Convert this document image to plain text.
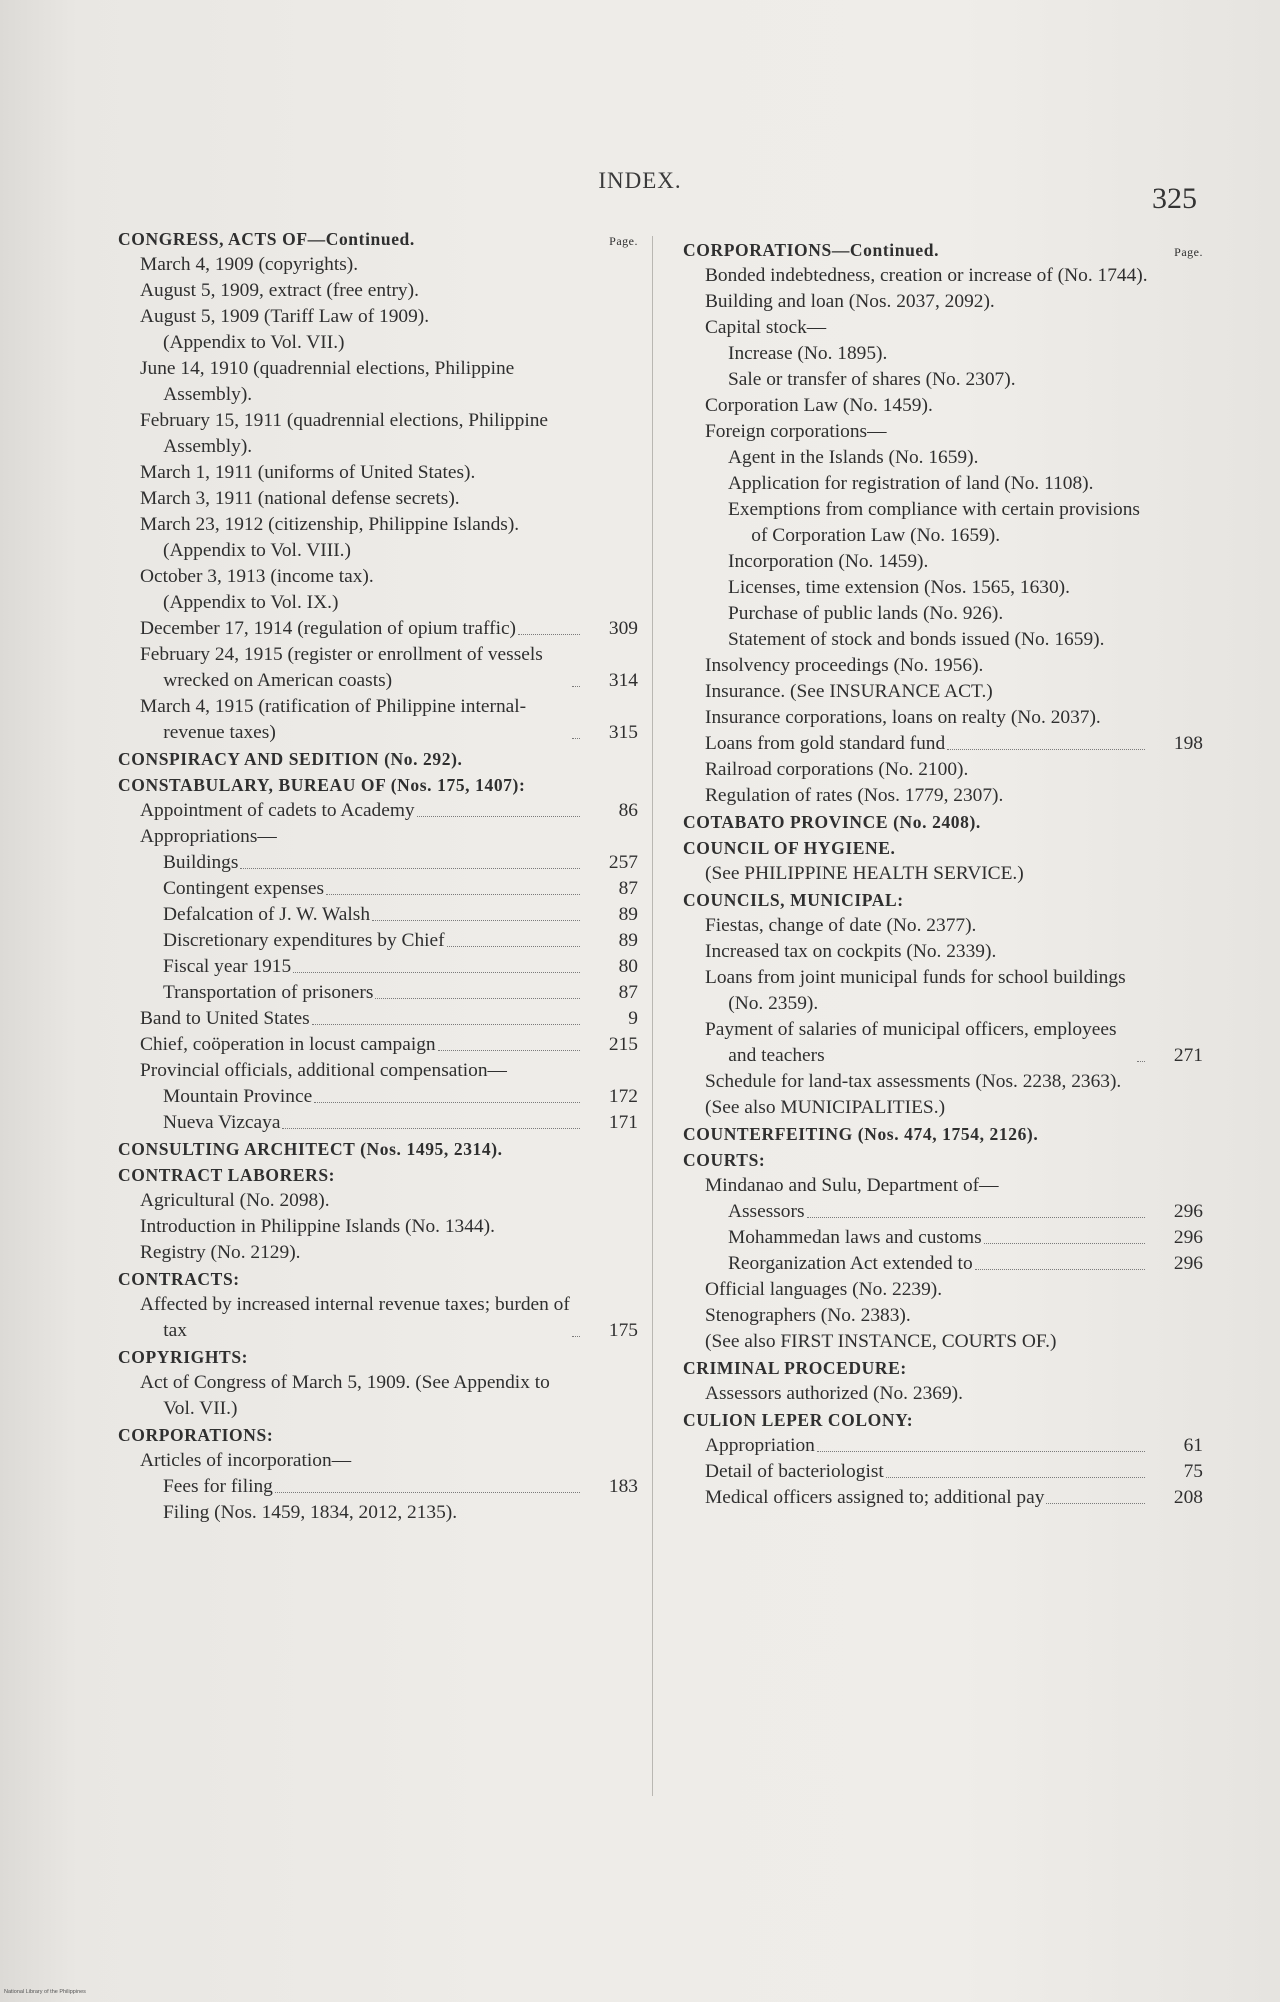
INDEX.
325
Page.
CONGRESS, ACTS OF—Continued.
March 4, 1909 (copyrights).
August 5, 1909, extract (free entry).
August 5, 1909 (Tariff Law of 1909).
(Appendix to Vol. VII.)
June 14, 1910 (quadrennial elections, Philippine Assembly).
February 15, 1911 (quadrennial elections, Philippine Assembly).
March 1, 1911 (uniforms of United States).
March 3, 1911 (national defense secrets).
March 23, 1912 (citizenship, Philippine Islands).
(Appendix to Vol. VIII.)
October 3, 1913 (income tax).
(Appendix to Vol. IX.)
December 17, 1914 (regulation of opium traffic)	309
February 24, 1915 (register or enrollment of vessels wrecked on American coasts)	314
March 4, 1915 (ratification of Philippine internal-revenue taxes)	315
CONSPIRACY AND SEDITION (No. 292).
CONSTABULARY, BUREAU OF (Nos. 175, 1407):
Appointment of cadets to Academy	86
Appropriations—
Buildings	257
Contingent expenses	87
Defalcation of J. W. Walsh	89
Discretionary expenditures by Chief	89
Fiscal year 1915	80
Transportation of prisoners	87
Band to United States	9
Chief, coöperation in locust campaign	215
Provincial officials, additional compensation—
Mountain Province	172
Nueva Vizcaya	171
CONSULTING ARCHITECT (Nos. 1495, 2314).
CONTRACT LABORERS:
Agricultural (No. 2098).
Introduction in Philippine Islands (No. 1344).
Registry (No. 2129).
CONTRACTS:
Affected by increased internal revenue taxes; burden of tax	175
COPYRIGHTS:
Act of Congress of March 5, 1909. (See Appendix to Vol. VII.)
CORPORATIONS:
Articles of incorporation—
Fees for filing	183
Filing (Nos. 1459, 1834, 2012, 2135).
Page.
CORPORATIONS—Continued.
Bonded indebtedness, creation or increase of (No. 1744).
Building and loan (Nos. 2037, 2092).
Capital stock—
Increase (No. 1895).
Sale or transfer of shares (No. 2307).
Corporation Law (No. 1459).
Foreign corporations—
Agent in the Islands (No. 1659).
Application for registration of land (No. 1108).
Exemptions from compliance with certain provisions of Corporation Law (No. 1659).
Incorporation (No. 1459).
Licenses, time extension (Nos. 1565, 1630).
Purchase of public lands (No. 926).
Statement of stock and bonds issued (No. 1659).
Insolvency proceedings (No. 1956).
Insurance. (See INSURANCE ACT.)
Insurance corporations, loans on realty (No. 2037).
Loans from gold standard fund	198
Railroad corporations (No. 2100).
Regulation of rates (Nos. 1779, 2307).
COTABATO PROVINCE (No. 2408).
COUNCIL OF HYGIENE.
(See PHILIPPINE HEALTH SERVICE.)
COUNCILS, MUNICIPAL:
Fiestas, change of date (No. 2377).
Increased tax on cockpits (No. 2339).
Loans from joint municipal funds for school buildings (No. 2359).
Payment of salaries of municipal officers, employees and teachers	271
Schedule for land-tax assessments (Nos. 2238, 2363).
(See also MUNICIPALITIES.)
COUNTERFEITING (Nos. 474, 1754, 2126).
COURTS:
Mindanao and Sulu, Department of—
Assessors	296
Mohammedan laws and customs	296
Reorganization Act extended to	296
Official languages (No. 2239).
Stenographers (No. 2383).
(See also FIRST INSTANCE, COURTS OF.)
CRIMINAL PROCEDURE:
Assessors authorized (No. 2369).
CULION LEPER COLONY:
Appropriation	61
Detail of bacteriologist	75
Medical officers assigned to; additional pay	208
National Library of the Philippines
